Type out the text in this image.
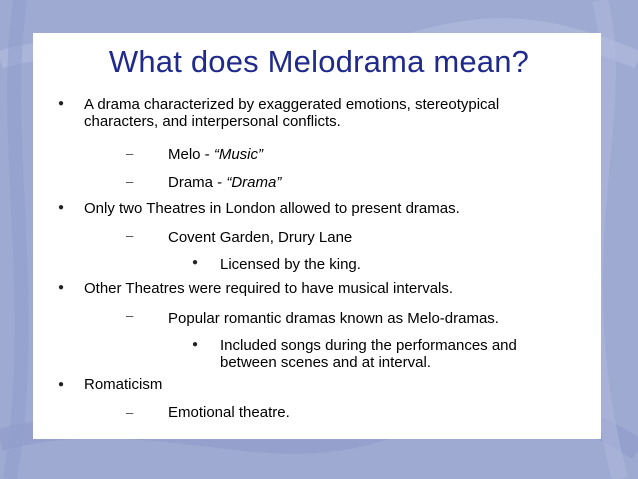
What does Melodrama mean?
● A drama characterized by exaggerated emotions, stereotypical characters, and interpersonal conflicts.
– Melo - “Music”
– Drama - “Drama”
● Only two Theatres in London allowed to present dramas.
– Covent Garden, Drury Lane
● Licensed by the king.
● Other Theatres were required to have musical intervals.
– Popular romantic dramas known as Melo-dramas.
● Included songs during the performances and between scenes and at interval.
● Romaticism
– Emotional theatre.
